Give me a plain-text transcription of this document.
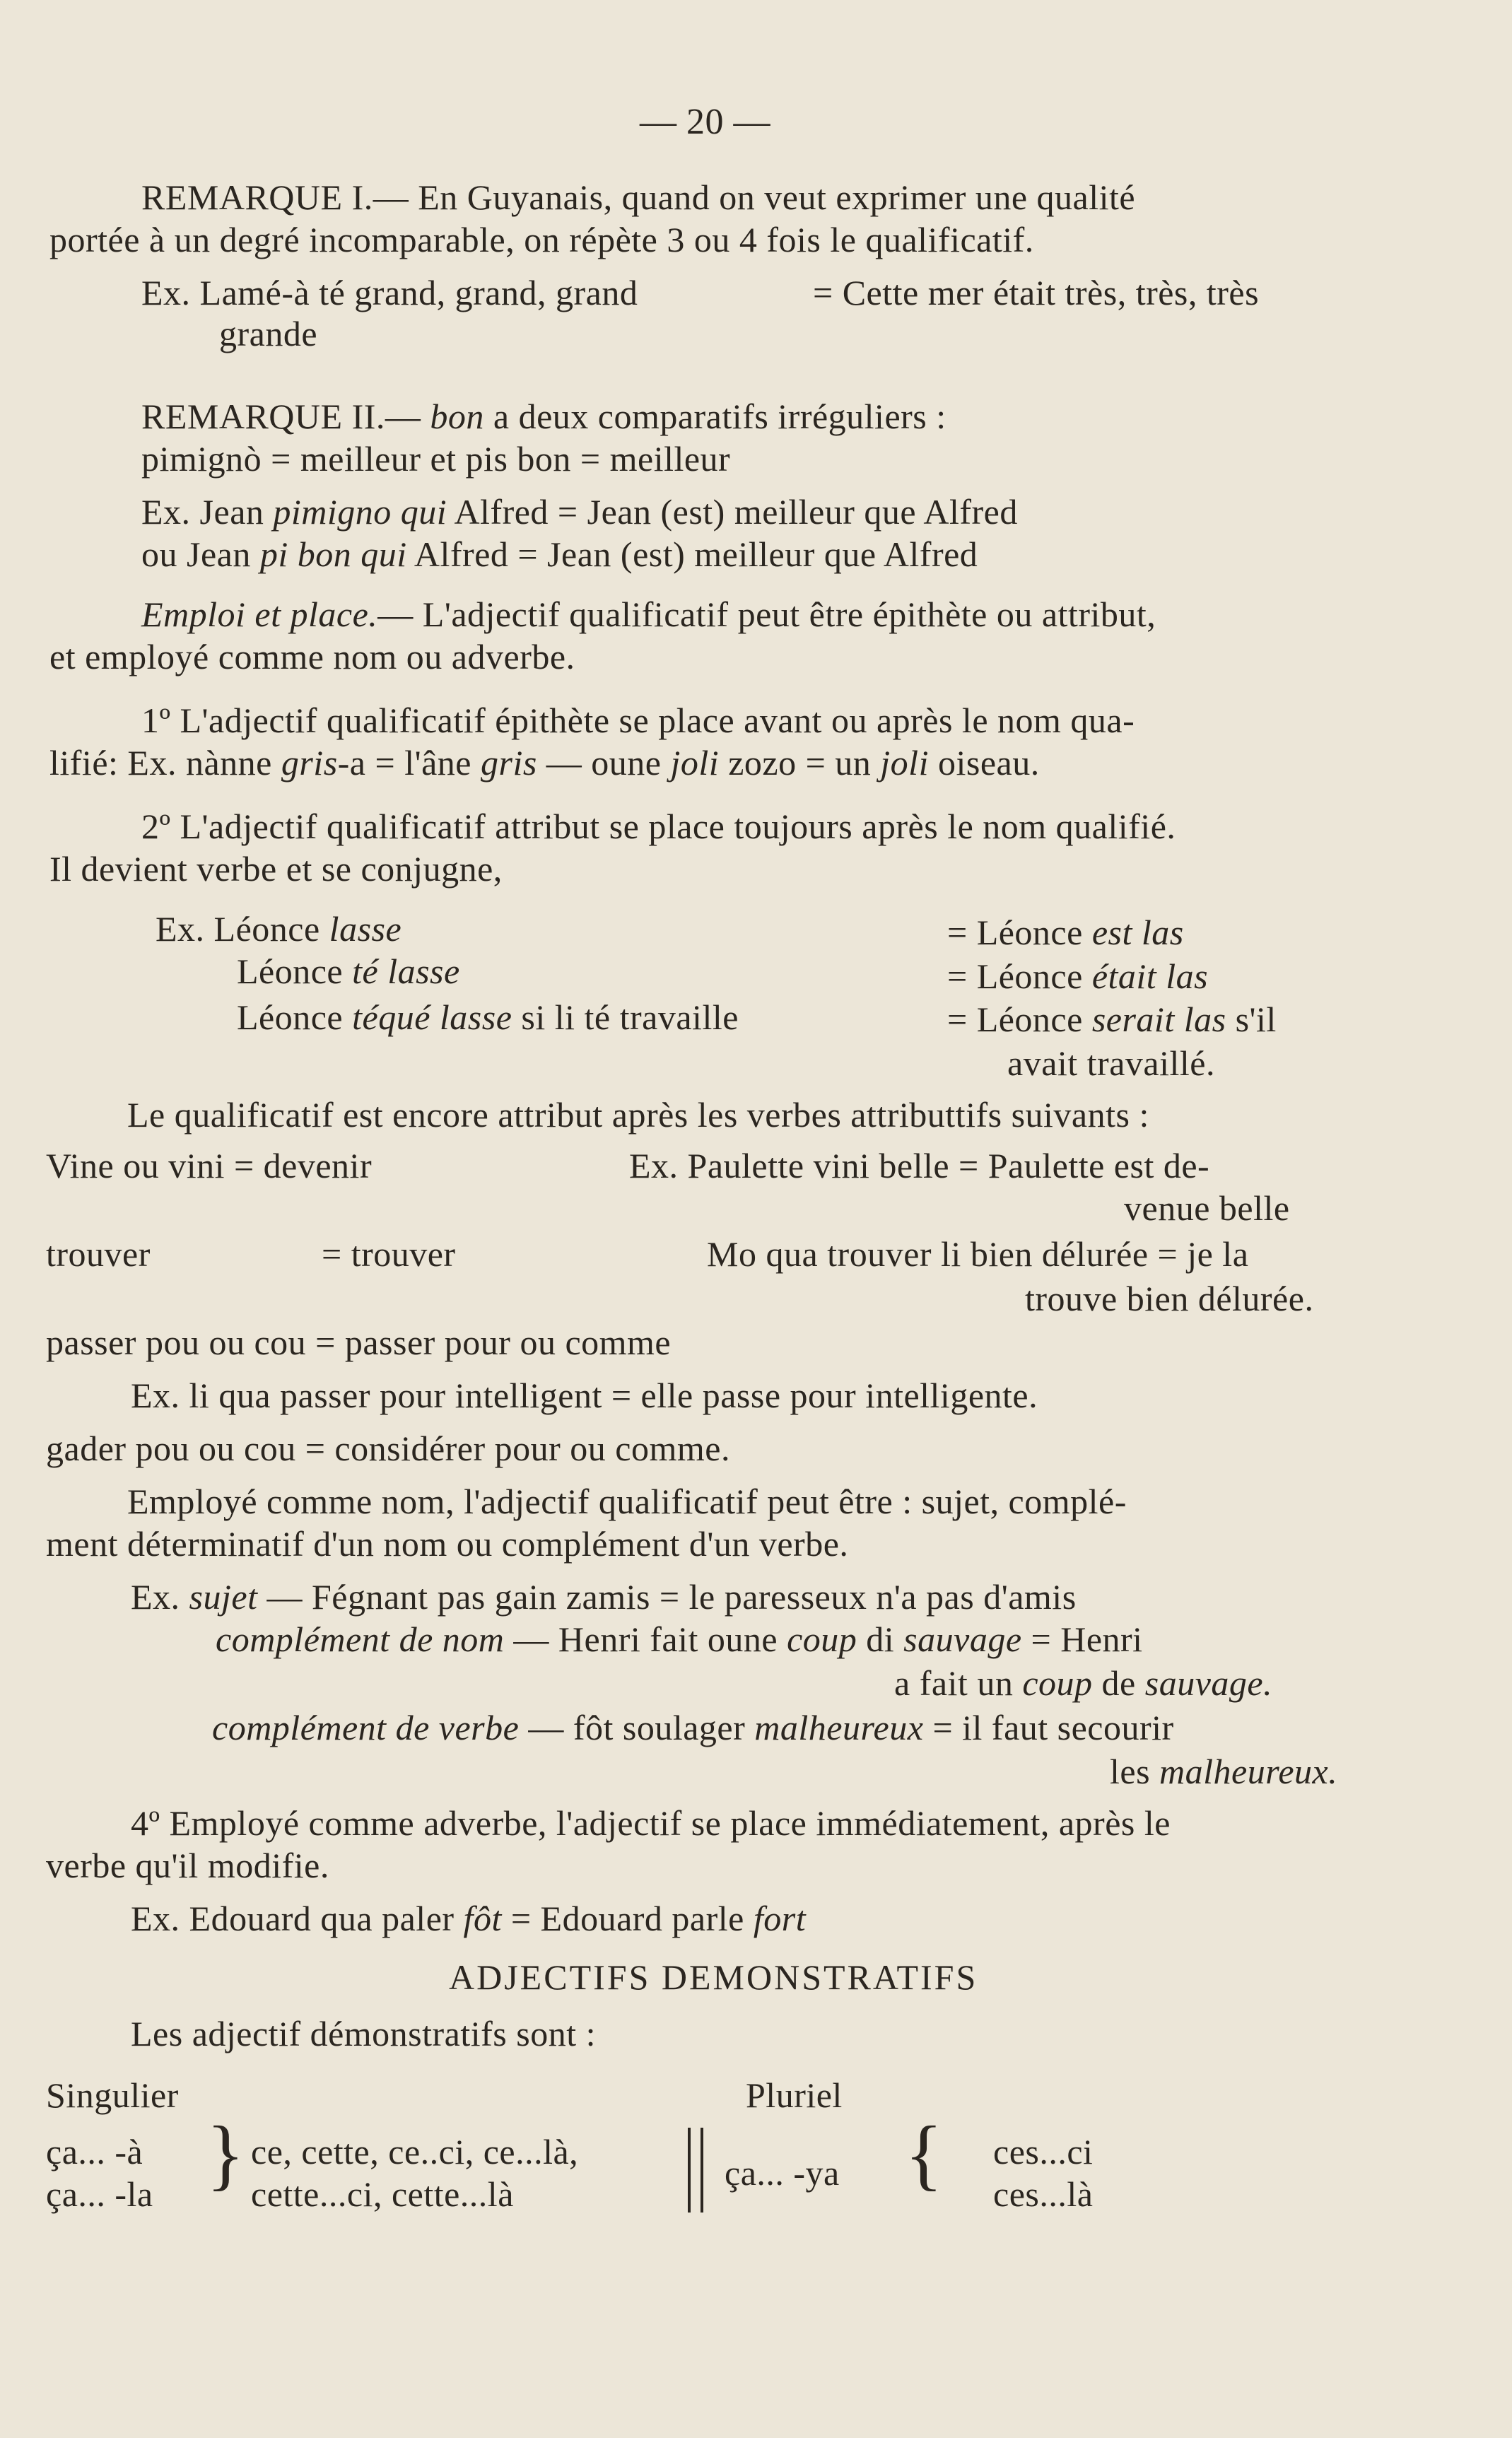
— 20 —
REMARQUE I.— En Guyanais, quand on veut exprimer une qualité
portée à un degré incomparable, on répète 3 ou 4 fois le qualificatif.
Ex. Lamé-à té grand, grand, grand	= Cette mer était très, très, très
grande
REMARQUE II.— bon a deux comparatifs irréguliers :
pimignò = meilleur et pis bon = meilleur
Ex. Jean pimigno qui Alfred = Jean (est) meilleur que Alfred
ou Jean pi bon qui Alfred = Jean (est) meilleur que Alfred
Emploi et place.— L'adjectif qualificatif peut être épithète ou attribut,
et employé comme nom ou adverbe.
1º L'adjectif qualificatif épithète se place avant ou après le nom qua-
lifié: Ex. nànne gris-a = l'âne gris — oune joli zozo = un joli oiseau.
2º L'adjectif qualificatif attribut se place toujours après le nom qualifié.
Il devient verbe et se conjugne,
Ex. Léonce lasse	= Léonce est las
Léonce té lasse	= Léonce était las
Léonce téqué lasse si li té travaille	= Léonce serait las s'il
avait travaillé.
Le qualificatif est encore attribut après les verbes attributtifs suivants :
Vine ou vini = devenir	Ex. Paulette vini belle = Paulette est de-
venue belle
trouver	= trouver	Mo qua trouver li bien délurée = je la
trouve bien délurée.
passer pou ou cou = passer pour ou comme
Ex. li qua passer pour intelligent = elle passe pour intelligente.
gader pou ou cou = considérer pour ou comme.
Employé comme nom, l'adjectif qualificatif peut être : sujet, complé-
ment déterminatif d'un nom ou complément d'un verbe.
Ex. sujet — Fégnant pas gain zamis = le paresseux n'a pas d'amis
complément de nom — Henri fait oune coup di sauvage = Henri
a fait un coup de sauvage.
complément de verbe — fôt soulager malheureux = il faut secourir
les malheureux.
4º Employé comme adverbe, l'adjectif se place immédiatement, après le
verbe qu'il modifie.
Ex. Edouard qua paler fôt = Edouard parle fort
ADJECTIFS DEMONSTRATIFS
Les adjectif démonstratifs sont :
Singulier	Pluriel
ça... -à
ça... -la } ce, cette, ce..ci, ce...là,
cette...ci, cette...là
ça... -ya { ces...ci
ces...là
